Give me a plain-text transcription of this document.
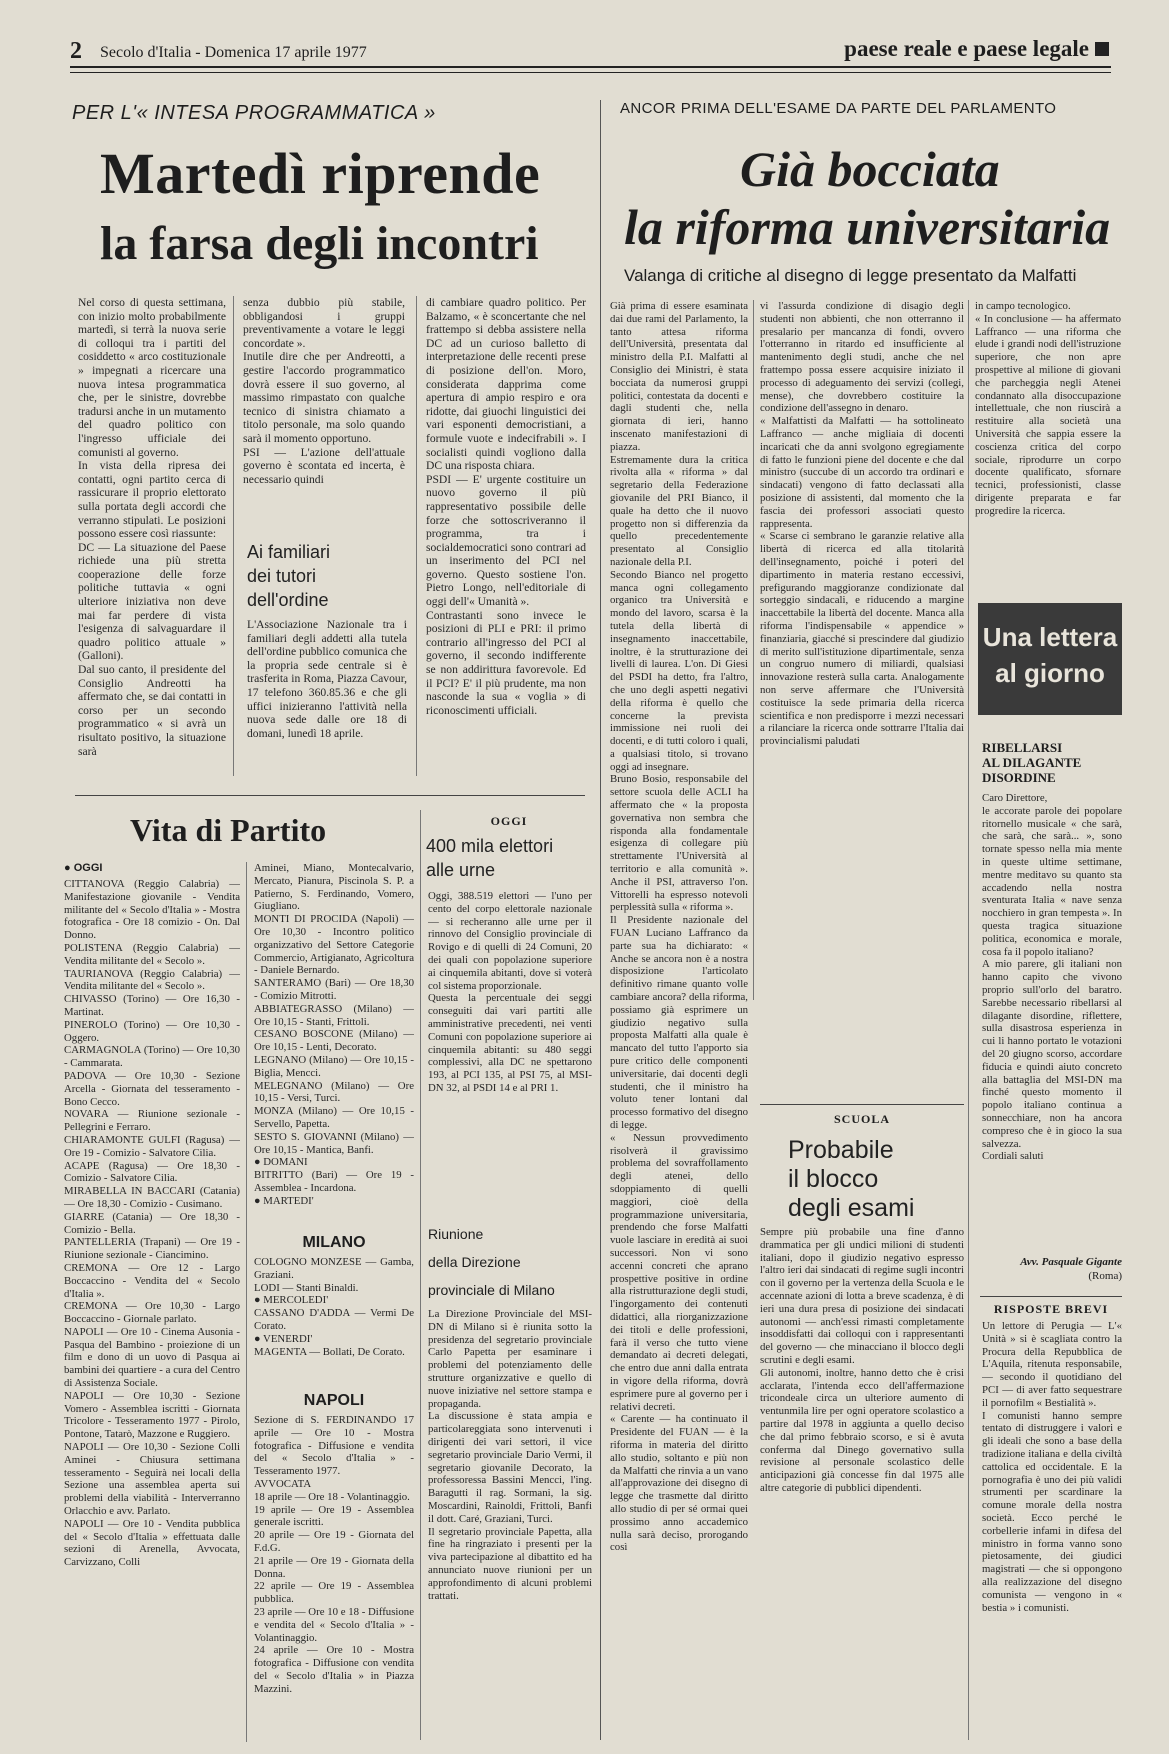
2 Secolo d'Italia - Domenica 17 aprile 1977	paese reale e paese legale
PER L'« INTESA PROGRAMMATICA »
Martedì riprende
la farsa degli incontri
Nel corso di questa settimana, con inizio molto probabilmente martedì, si terrà la nuova serie di colloqui tra i partiti del cosiddetto « arco costituzionale » impegnati a ricercare una nuova intesa programmatica che, per le sinistre, dovrebbe tradursi anche in un mutamento del quadro politico con l'ingresso ufficiale dei comunisti al governo.
In vista della ripresa dei contatti, ogni partito cerca di rassicurare il proprio elettorato sulla portata degli accordi che verranno stipulati. Le posizioni possono essere così riassunte:
DC — La situazione del Paese richiede una più stretta cooperazione delle forze politiche tuttavia « ogni ulteriore iniziativa non deve mai far perdere di vista l'esigenza di salvaguardare il quadro politico attuale » (Galloni).
Dal suo canto, il presidente del Consiglio Andreotti ha affermato che, se dai contatti in corso per un secondo programmatico « si avrà un risultato positivo, la situazione sarà
senza dubbio più stabile, obbligandosi i gruppi preventivamente a votare le leggi concordate ».
Inutile dire che per Andreotti, a gestire l'accordo programmatico dovrà essere il suo governo, al massimo rimpastato con qualche tecnico di sinistra chiamato a titolo personale, ma solo quando sarà il momento opportuno.
PSI — L'azione dell'attuale governo è scontata ed incerta, è necessario quindi
di cambiare quadro politico. Per Balzamo, « è sconcertante che nel frattempo si debba assistere nella DC ad un curioso balletto di interpretazione delle recenti prese di posizione dell'on. Moro, considerata dapprima come apertura di ampio respiro e ora ridotte, dai giuochi linguistici dei vari esponenti democristiani, a formule vuote e indecifrabili ». I socialisti quindi vogliono dalla DC una risposta chiara.
PSDI — E' urgente costituire un nuovo governo il più rappresentativo possibile delle forze che sottoscriveranno il programma, tra i socialdemocratici sono contrari ad un inserimento del PCI nel governo. Questo sostiene l'on. Pietro Longo, nell'editoriale di oggi dell'« Umanità ».
Contrastanti sono invece le posizioni di PLI e PRI: il primo contrario all'ingresso del PCI al governo, il secondo indifferente se non addirittura favorevole. Ed il PCI? E' il più prudente, ma non nasconde la sua « voglia » di riconoscimenti ufficiali.
Ai familiari
dei tutori
dell'ordine
L'Associazione Nazionale tra i familiari degli addetti alla tutela dell'ordine pubblico comunica che la propria sede centrale si è trasferita in Roma, Piazza Cavour, 17 telefono 360.85.36 e che gli uffici inizieranno l'attività nella nuova sede dalle ore 18 di domani, lunedì 18 aprile.
ANCOR PRIMA DELL'ESAME DA PARTE DEL PARLAMENTO
Già bocciata
la riforma universitaria
Valanga di critiche al disegno di legge presentato da Malfatti
Già prima di essere esaminata dai due rami del Parlamento, la tanto attesa riforma dell'Università, presentata dal ministro della P.I. Malfatti al Consiglio dei Ministri, è stata bocciata da numerosi gruppi politici, contestata da docenti e dagli studenti che, nella giornata di ieri, hanno inscenato manifestazioni di piazza.
Estremamente dura la critica rivolta alla « riforma » dal segretario della Federazione giovanile del PRI Bianco, il quale ha detto che il nuovo progetto non si differenzia da quello precedentemente presentato al Consiglio nazionale della P.I.
Secondo Bianco nel progetto manca ogni collegamento organico tra Università e mondo del lavoro, scarsa è la tutela della libertà di insegnamento inaccettabile, inoltre, è la strutturazione dei livelli di laurea. L'on. Di Giesi del PSDI ha detto, fra l'altro, che uno degli aspetti negativi della riforma è quello che concerne la prevista immissione nei ruoli dei docenti, e di tutti coloro i quali, a qualsiasi titolo, si trovano oggi ad insegnare.
Bruno Bosio, responsabile del settore scuola delle ACLI ha affermato che « la proposta governativa non sembra che risponda alla fondamentale esigenza di collegare più strettamente l'Università al territorio e alla comunità ». Anche il PSI, attraverso l'on. Vittorelli ha espresso notevoli perplessità sulla « riforma ».
Il Presidente nazionale del FUAN Luciano Laffranco da parte sua ha dichiarato: « Anche se ancora non è a nostra disposizione l'articolato definitivo rimane quanto volle cambiare ancora? della riforma, possiamo già esprimere un giudizio negativo sulla proposta Malfatti alla quale è mancato del tutto l'apporto sia pure critico delle componenti universitarie, dai docenti degli studenti, che il ministro ha voluto tener lontani dal processo formativo del disegno di legge.
« Nessun provvedimento risolverà il gravissimo problema del sovraffollamento degli atenei, dello sdoppiamento di quelli maggiori, cioè della programmazione universitaria, prendendo che forse Malfatti vuole lasciare in eredità ai suoi successori. Non vi sono accenni concreti che aprano prospettive positive in ordine alla ristrutturazione degli studi, l'ingorgamento dei contenuti didattici, alla riorganizzazione dei titoli e delle professioni, farà il verso che tutto viene demandato ai decreti delegati, che entro due anni dalla entrata in vigore della riforma, dovrà esprimere pure al governo per i relativi decreti.
« Carente — ha continuato il Presidente del FUAN — è la riforma in materia del diritto allo studio, soltanto e più non da Malfatti che rinvia a un vano all'approvazione dei disegno di legge che trasmette dal diritto allo studio di per sé ormai quei prossimo anno accademico nulla sarà deciso, prorogando così
vi l'assurda condizione di disagio degli studenti non abbienti, che non otterranno il presalario per mancanza di fondi, ovvero l'otterranno in ritardo ed insufficiente al mantenimento degli studi, anche che nel frattempo possa essere acquisire iniziato il processo di adeguamento dei servizi (collegi, mense), che dovrebbero costituire la condizione dell'assegno in denaro.
« Malfattisti da Malfatti — ha sottolineato Laffranco — anche migliaia di docenti incaricati che da anni svolgono egregiamente di fatto le funzioni piene del docente e che dal ministro (succube di un accordo tra ordinari e sindacati) vengono di fatto declassati alla posizione di assistenti, dal momento che la fascia dei professori associati questo rappresenta.
« Scarse ci sembrano le garanzie relative alla libertà di ricerca ed alla titolarità dell'insegnamento, poiché i poteri del dipartimento in materia restano eccessivi, prefigurando maggioranze condizionate dal sorteggio sindacali, e riducendo a margine inaccettabile la libertà del docente. Manca alla riforma l'indispensabile « appendice » finanziaria, giacché si prescindere dal giudizio di merito sull'istituzione dipartimentale, senza un congruo numero di miliardi, qualsiasi innovazione resterà sulla carta. Analogamente non serve affermare che l'Università costituisce la sede primaria della ricerca scientifica e non predisporre i mezzi necessari a rilanciare la ricerca onde sottrarre l'Italia dai provincialismi paludati
in campo tecnologico.
« In conclusione — ha affermato Laffranco — una riforma che elude i grandi nodi dell'istruzione superiore, che non apre prospettive al milione di giovani che parcheggia negli Atenei condannato alla disoccupazione intellettuale, che non riuscirà a restituire alla società una Università che sappia essere la coscienza critica del corpo sociale, riprodurre un corpo docente qualificato, sfornare tecnici, professionisti, classe dirigente preparata e far progredire la ricerca.
Una lettera
al giorno
RIBELLARSI
AL DILAGANTE
DISORDINE
Caro Direttore,
le accorate parole dei popolare ritornello musicale « che sarà, che sarà, che sarà... », sono tornate spesso nella mia mente in queste ultime settimane, mentre meditavo su quanto sta accadendo nella nostra sventurata Italia « nave senza nocchiero in gran tempesta ». In questa tragica situazione politica, economica e morale, cosa fa il popolo italiano?
A mio parere, gli italiani non hanno capito che vivono proprio sull'orlo del baratro. Sarebbe necessario ribellarsi al dilagante disordine, riflettere, sulla disastrosa esperienza in cui li hanno portato le votazioni del 20 giugno scorso, accordare fiducia e quindi aiuto concreto alla battaglia del MSI-DN ma finché questo momento il popolo italiano continua a sonnecchiare, non ha ancora compreso che è in gioco la sua salvezza.
Cordiali saluti
Avv. Pasquale Gigante
(Roma)
RISPOSTE BREVI
Un lettore di Perugia — L'« Unità » si è scagliata contro la Procura della Repubblica de L'Aquila, ritenuta responsabile, — secondo il quotidiano del PCI — di aver fatto sequestrare il pornofilm « Bestialità ».
I comunisti hanno sempre tentato di distruggere i valori e gli ideali che sono a base della tradizione italiana e della civiltà cattolica ed occidentale. E la pornografia è uno dei più validi strumenti per scardinare la comune morale della nostra società. Ecco perché le corbellerie infami in difesa del ministro in forma vanno sono pietosamente, dei giudici magistrati — che si oppongono alla realizzazione del disegno comunista — vengono in « bestia » i comunisti.
SCUOLA
Probabile
il blocco
degli esami
Sempre più probabile una fine d'anno drammatica per gli undici milioni di studenti italiani, dopo il giudizio negativo espresso l'altro ieri dai sindacati di regime sugli incontri con il governo per la vertenza della Scuola e le accennate azioni di lotta a breve scadenza, è di ieri una dura presa di posizione dei sindacati autonomi — anch'essi rimasti completamente insoddisfatti dai colloqui con i rappresentanti del governo — che minacciano il blocco degli scrutini e degli esami.
Gli autonomi, inoltre, hanno detto che è crisi acclarata, l'intenda ecco dell'affermazione tricondeale circa un ulteriore aumento di ventunmila lire per ogni operatore scolastico a partire dal 1978 in aggiunta a quello deciso che dal primo febbraio scorso, e si è avuta conferma dal Dinego governativo sulla revisione al personale scolastico delle anticipazioni già concesse fin dal 1975 alle altre categorie di pubblici dipendenti.
Vita di Partito
● OGGI
CITTANOVA (Reggio Calabria) — Manifestazione giovanile - Vendita militante del « Secolo d'Italia » - Mostra fotografica - Ore 18 comizio - On. Dal Donno.
POLISTENA (Reggio Calabria) — Vendita militante del « Secolo ».
TAURIANOVA (Reggio Calabria) — Vendita militante del « Secolo ».
CHIVASSO (Torino) — Ore 16,30 - Martinat.
PINEROLO (Torino) — Ore 10,30 - Oggero.
CARMAGNOLA (Torino) — Ore 10,30 - Cammarata.
PADOVA — Ore 10,30 - Sezione Arcella - Giornata del tesseramento - Bono Cecco.
NOVARA — Riunione sezionale - Pellegrini e Ferraro.
CHIARAMONTE GULFI (Ragusa) — Ore 19 - Comizio - Salvatore Cilia.
ACAPE (Ragusa) — Ore 18,30 - Comizio - Salvatore Cilia.
MIRABELLA IN BACCARI (Catania) — Ore 18,30 - Comizio - Cusimano.
GIARRE (Catania) — Ore 18,30 - Comizio - Bella.
PANTELLERIA (Trapani) — Ore 19 - Riunione sezionale - Ciancimino.
CREMONA — Ore 12 - Largo Boccaccino - Vendita del « Secolo d'Italia ».
CREMONA — Ore 10,30 - Largo Boccaccino - Giornale parlato.
NAPOLI — Ore 10 - Cinema Ausonia - Pasqua del Bambino - proiezione di un film e dono di un uovo di Pasqua ai bambini dei quartiere - a cura del Centro di Assistenza Sociale.
NAPOLI — Ore 10,30 - Sezione Vomero - Assemblea iscritti - Giornata Tricolore - Tesseramento 1977 - Pirolo, Pontone, Tatarò, Mazzone e Ruggiero.
NAPOLI — Ore 10,30 - Sezione Colli Aminei - Chiusura settimana tesseramento - Seguirà nei locali della Sezione una assemblea aperta sui problemi della viabilità - Interverranno Orlacchio e avv. Parlato.
NAPOLI — Ore 10 - Vendita pubblica del « Secolo d'Italia » effettuata dalle sezioni di Arenella, Avvocata, Carvizzano, Colli
Aminei, Miano, Montecalvario, Mercato, Pianura, Piscinola S. P. a Patierno, S. Ferdinando, Vomero, Giugliano.
MONTI DI PROCIDA (Napoli) — Ore 10,30 - Incontro politico organizzativo del Settore Categorie Commercio, Artigianato, Agricoltura - Daniele Bernardo.
SANTERAMO (Bari) — Ore 18,30 - Comizio Mitrotti.
ABBIATEGRASSO (Milano) — Ore 10,15 - Stanti, Frittoli.
CESANO BOSCONE (Milano) — Ore 10,15 - Lenti, Decorato.
LEGNANO (Milano) — Ore 10,15 - Biglia, Mencci.
MELEGNANO (Milano) — Ore 10,15 - Versi, Turci.
MONZA (Milano) — Ore 10,15 - Servello, Papetta.
SESTO S. GIOVANNI (Milano) — Ore 10,15 - Mantica, Banfi.
● DOMANI
BITRITTO (Bari) — Ore 19 - Assemblea - Incardona.
● MARTEDI'
MILANO
COLOGNO MONZESE — Gamba, Graziani.
LODI — Stanti Binaldi.
● MERCOLEDI'
CASSANO D'ADDA — Vermi De Corato.
● VENERDI'
MAGENTA — Bollati, De Corato.
NAPOLI
Sezione di S. FERDINANDO 17 aprile — Ore 10 - Mostra fotografica - Diffusione e vendita del « Secolo d'Italia » - Tesseramento 1977.
AVVOCATA
18 aprile — Ore 18 - Volantinaggio.
19 aprile — Ore 19 - Assemblea generale iscritti.
20 aprile — Ore 19 - Giornata del F.d.G.
21 aprile — Ore 19 - Giornata della Donna.
22 aprile — Ore 19 - Assemblea pubblica.
23 aprile — Ore 10 e 18 - Diffusione e vendita del « Secolo d'Italia » - Volantinaggio.
24 aprile — Ore 10 - Mostra fotografica - Diffusione con vendita del « Secolo d'Italia » in Piazza Mazzini.
OGGI
400 mila elettori
alle urne
Oggi, 388.519 elettori — l'uno per cento del corpo elettorale nazionale — si recheranno alle urne per il rinnovo del Consiglio provinciale di Rovigo e di quelli di 24 Comuni, 20 dei quali con popolazione superiore ai cinquemila abitanti, dove si voterà col sistema proporzionale.
Questa la percentuale dei seggi conseguiti dai vari partiti alle amministrative precedenti, nei venti Comuni con popolazione superiore ai cinquemila abitanti: su 480 seggi complessivi, alla DC ne spettarono 193, al PCI 135, al PSI 75, al MSI-DN 32, al PSDI 14 e al PRI 1.
Riunione
della Direzione
provinciale di Milano
La Direzione Provinciale del MSI-DN di Milano si è riunita sotto la presidenza del segretario provinciale Carlo Papetta per esaminare i problemi del potenziamento delle strutture organizzative e quello di nuove iniziative nel settore stampa e propaganda.
La discussione è stata ampia e particolareggiata sono intervenuti i dirigenti dei vari settori, il vice segretario provinciale Dario Vermi, il segretario giovanile Decorato, la professoressa Bassini Mencci, l'ing. Baragutti il rag. Sormani, la sig. Moscardini, Rainoldi, Frittoli, Banfi il dott. Caré, Graziani, Turci.
Il segretario provinciale Papetta, alla fine ha ringraziato i presenti per la viva partecipazione al dibattito ed ha annunciato nuove riunioni per un approfondimento di alcuni problemi trattati.
